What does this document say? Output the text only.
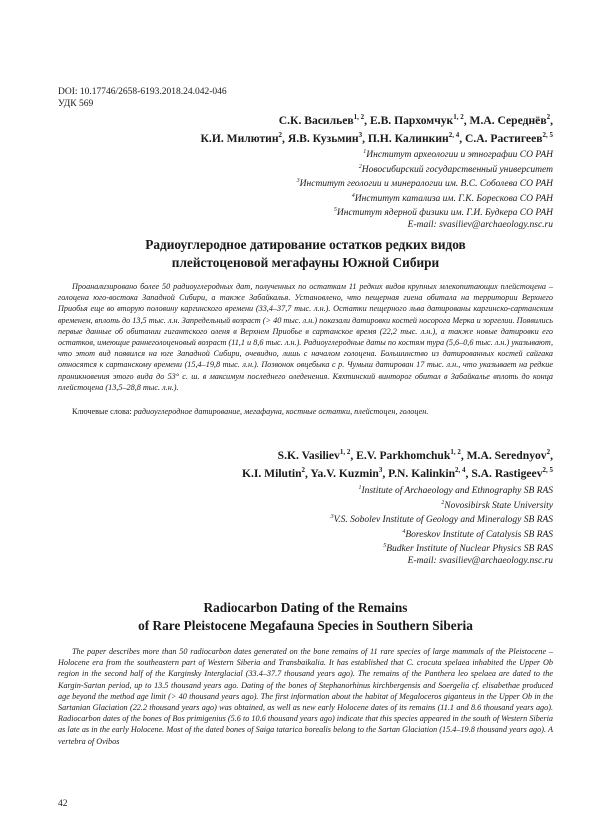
DOI: 10.17746/2658-6193.2018.24.042-046
УДК 569
С.К. Васильев$^{1, 2}$, Е.В. Пархомчук$^{1, 2}$, М.А. Середнёв$^2$,
К.И. Милютин$^2$, Я.В. Кузьмин$^3$, П.Н. Калинкин$^{2, 4}$, С.А. Растигеев$^{2, 5}$
$^1$Институт археологии и этнографии СО РАН
$^2$Новосибирский государственный университет
$^3$Институт геологии и минералогии им. В.С. Соболева СО РАН
$^4$Институт катализа им. Г.К. Борескова СО РАН
$^5$Институт ядерной физики им. Г.И. Будкера СО РАН
E-mail: svasiliev@archaeology.nsc.ru
Радиоуглеродное датирование остатков редких видов
плейстоценовой мегафауны Южной Сибири
Проанализировано более 50 радиоуглеродных дат, полученных по остаткам 11 редких видов крупных млекопитающих плейстоцена – голоцена юго-востока Западной Сибири, а также Забайкалья. Установлено, что пещерная гиена обитала на территории Верхнего Приобья еще во вторую половину каргинского времени (33,4–37,7 тыс. л.н.). Остатки пещерного льва датированы каргинско-сартанским временем, вплоть до 13,5 тыс. л.н. Запредельный возраст (> 40 тыс. л.н.) показали датировки костей носорога Мерка и зоргелии. Появились первые данные об обитании гигантского оленя в Верхнем Приобье в сартанское время (22,2 тыс. л.н.), а также новые датировки его остатков, имеющие раннеголоценовый возраст (11,1 и 8,6 тыс. л.н.). Радиоуглеродные даты по костям тура (5,6–0,6 тыс. л.н.) указывают, что этот вид появился на юге Западной Сибири, очевидно, лишь с началом голоцена. Большинство из датированных костей сайгака относятся к сартанскому времени (15,4–19,8 тыс. л.н.). Позвонок овцебыка с р. Чумыш датирован 17 тыс. л.н., что указывает на редкие проникновения этого вида до 53° с. ш. в максимум последнего оледенения. Кяхтинский винторог обитал в Забайкалье вплоть до конца плейстоцена (13,5–28,8 тыс. л.н.).
Ключевые слова: радиоуглеродное датирование, мегафауна, костные остатки, плейстоцен, голоцен.
S.K. Vasiliev$^{1, 2}$, E.V. Parkhomchuk$^{1, 2}$, M.A. Serednyov$^2$,
K.I. Milutin$^2$, Ya.V. Kuzmin$^3$, P.N. Kalinkin$^{2, 4}$, S.A. Rastigeev$^{2, 5}$
$^1$Institute of Archaeology and Ethnography SB RAS
$^2$Novosibirsk State University
$^3$V.S. Sobolev Institute of Geology and Mineralogy SB RAS
$^4$Boreskov Institute of Catalysis SB RAS
$^5$Budker Institute of Nuclear Physics SB RAS
E-mail: svasiliev@archaeology.nsc.ru
Radiocarbon Dating of the Remains
of Rare Pleistocene Megafauna Species in Southern Siberia
The paper describes more than 50 radiocarbon dates generated on the bone remains of 11 rare species of large mammals of the Pleistocene – Holocene era from the southeastern part of Western Siberia and Transbaikalia. It has established that C. crocuta spelaea inhabited the Upper Ob region in the second half of the Karginsky Interglacial (33.4–37.7 thousand years ago). The remains of the Panthera leo spelaea are dated to the Kargin-Sartan period, up to 13.5 thousand years ago. Dating of the bones of Stephanorhinus kirchbergensis and Soergelia cf. elisabethae produced age beyond the method age limit (> 40 thousand years ago). The first information about the habitat of Megaloceros giganteus in the Upper Ob in the Sartanian Glaciation (22.2 thousand years ago) was obtained, as well as new early Holocene dates of its remains (11.1 and 8.6 thousand years ago). Radiocarbon dates of the bones of Bos primigenius (5.6 to 10.6 thousand years ago) indicate that this species appeared in the south of Western Siberia as late as in the early Holocene. Most of the dated bones of Saiga tatarica borealis belong to the Sartan Glaciation (15.4–19.8 thousand years ago). A vertebra of Ovibos
42
